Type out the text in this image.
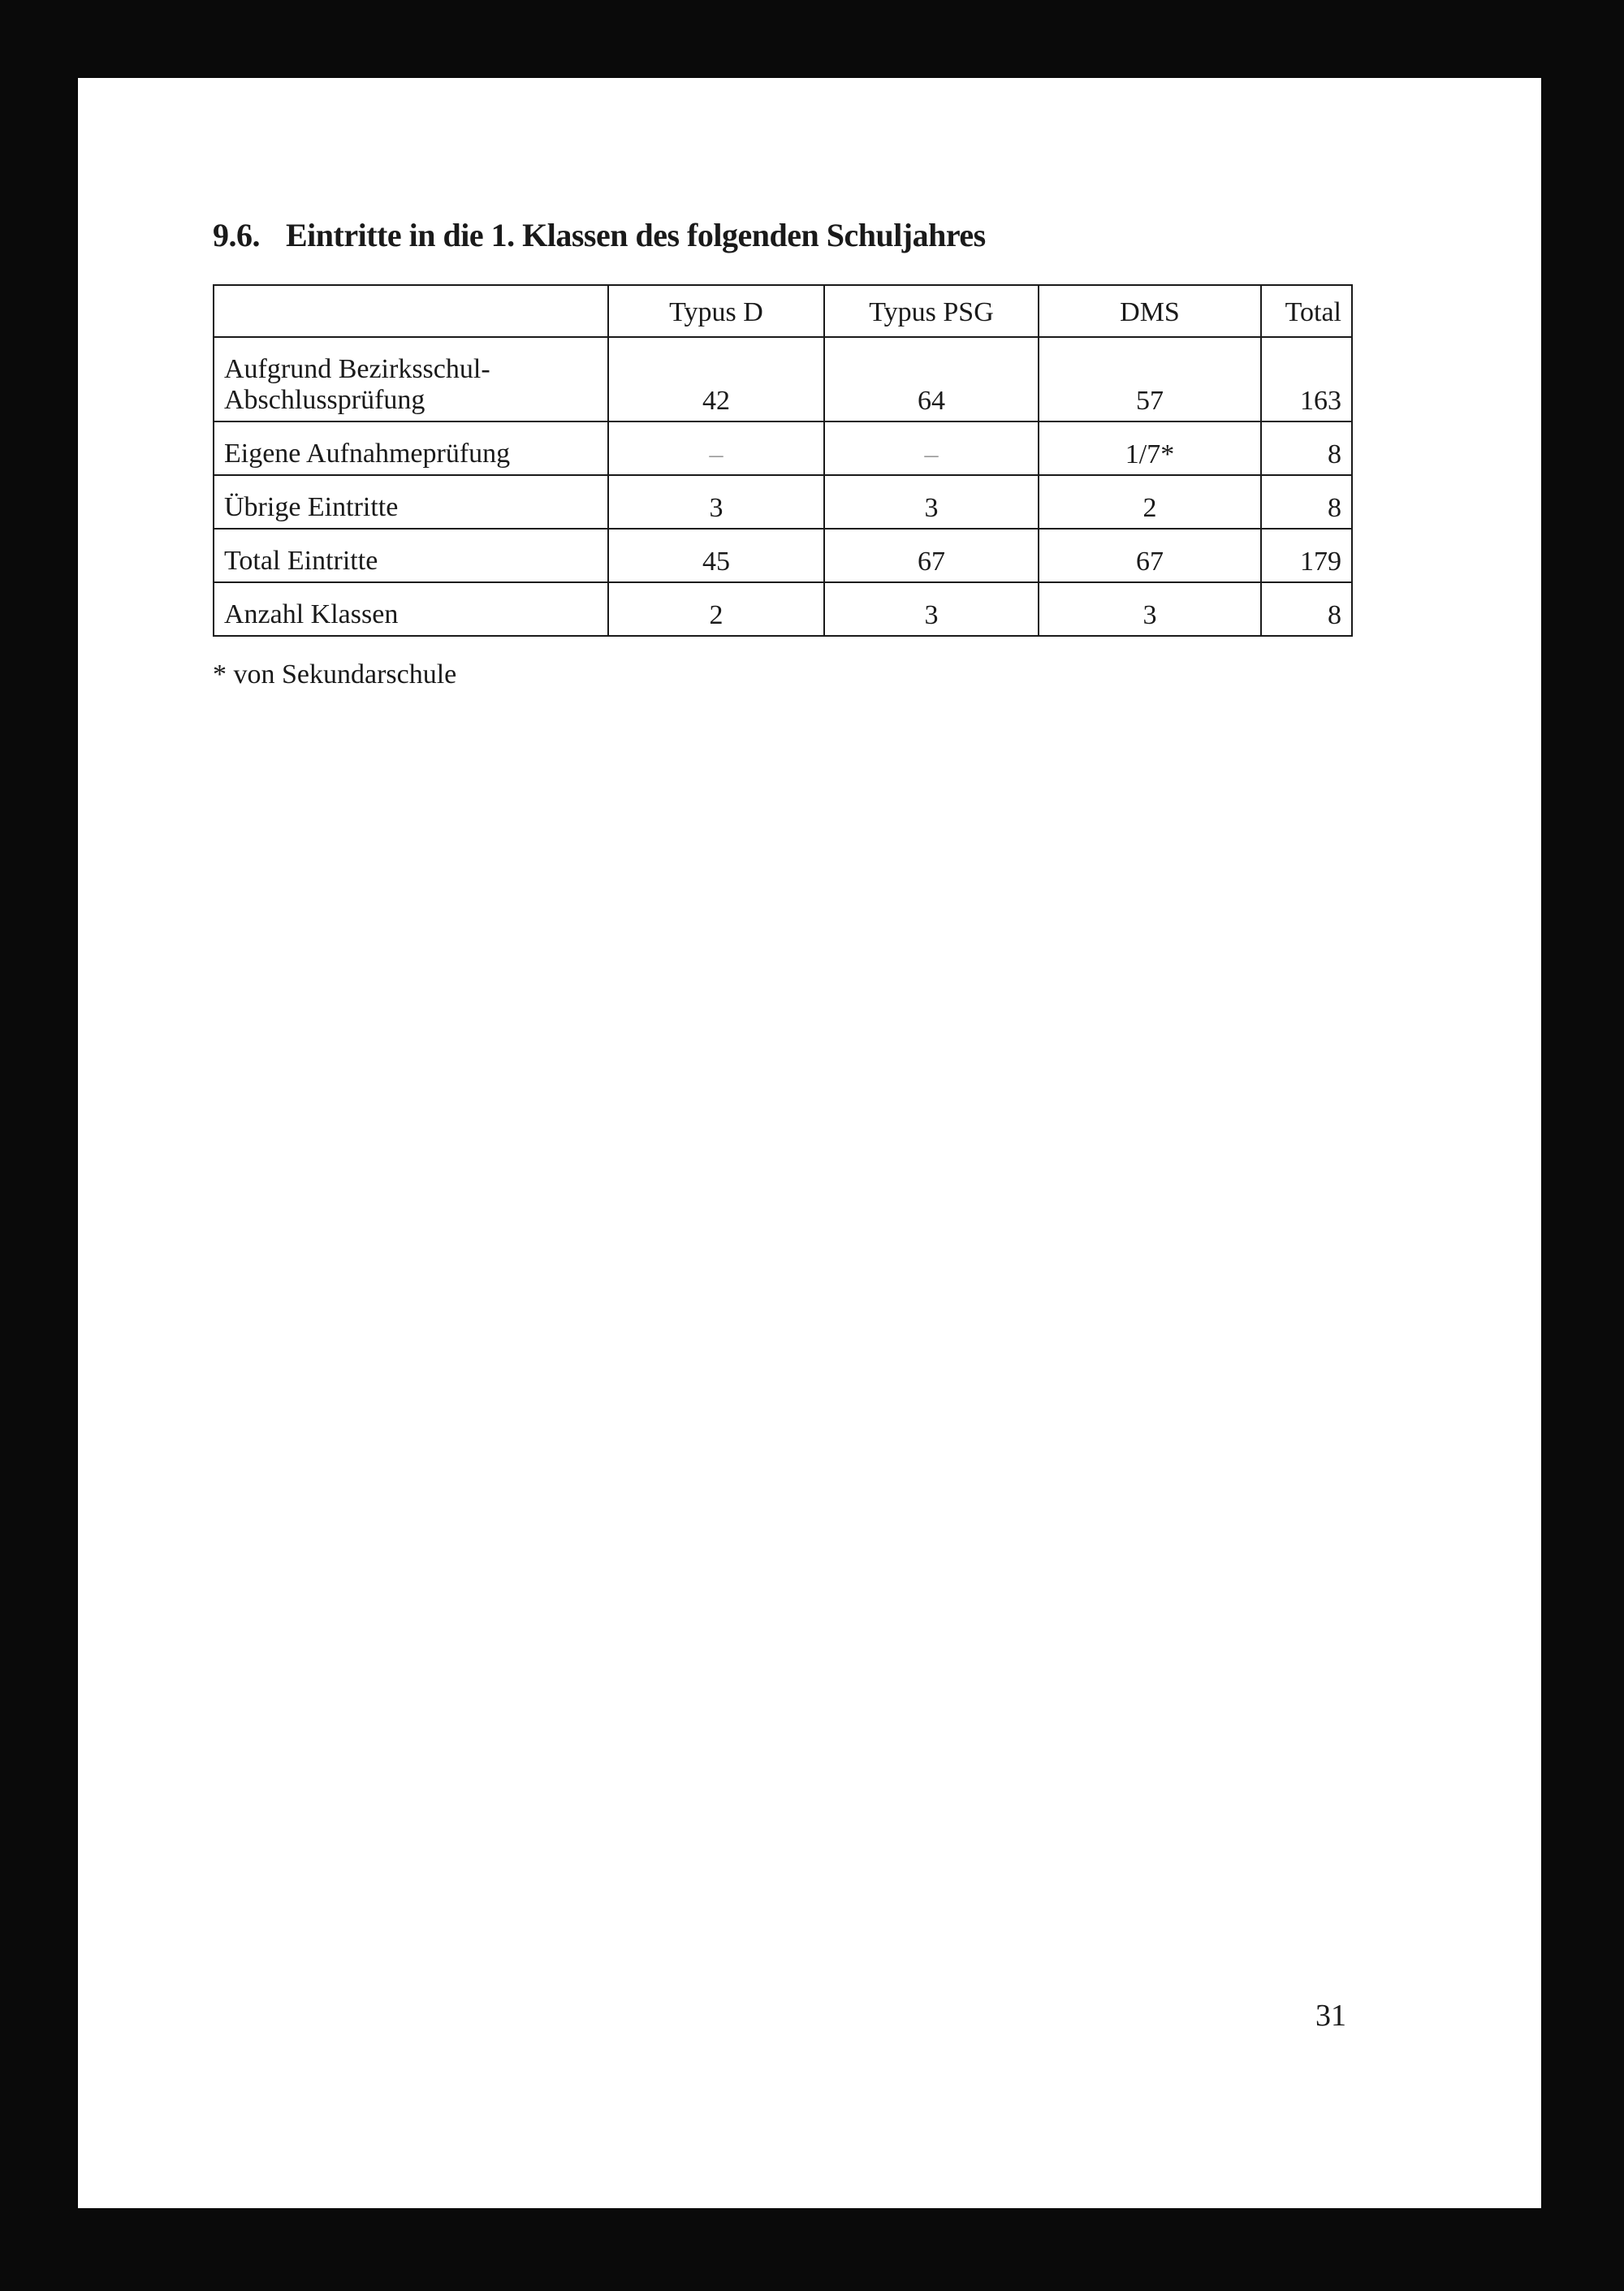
9.6. Eintritte in die 1. Klassen des folgenden Schuljahres
	Typus D	Typus PSG	DMS	Total
Aufgrund Bezirksschul-
Abschlussprüfung	42	64	57	163
Eigene Aufnahmeprüfung	–	–	1/7*	8
Übrige Eintritte	3	3	2	8
Total Eintritte	45	67	67	179
Anzahl Klassen	2	3	3	8

* von Sekundarschule

31
